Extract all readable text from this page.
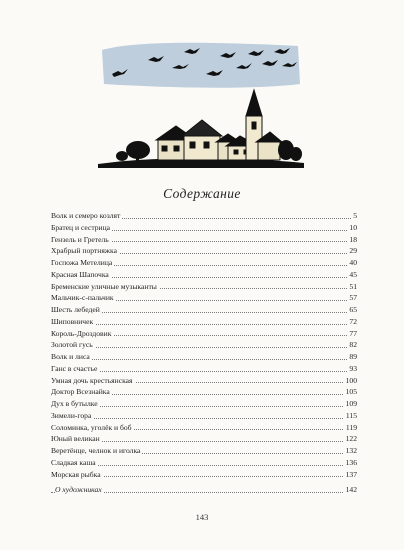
Содержание
Волк и семеро козлят	5
Братец и сестрица	10
Гензель и Гретель	18
Храбрый портняжка	29
Госпожа Метелица	40
Красная Шапочка	45
Бременские уличные музыканты	51
Мальчик-с-пальчик	57
Шесть лебедей	65
Шиповничек	72
Король-Дроздовик	77
Золотой гусь	82
Волк и лиса	89
Ганс в счастье	93
Умная дочь крестьянская	100
Доктор Всезнайка	105
Дух в бутылке	109
Зимели-гора	115
Соломинка, уголёк и боб	119
Юный великан	122
Веретёнце, челнок и иголка	132
Сладкая каша	136
Морская рыбка	137
О художниках	142
143
